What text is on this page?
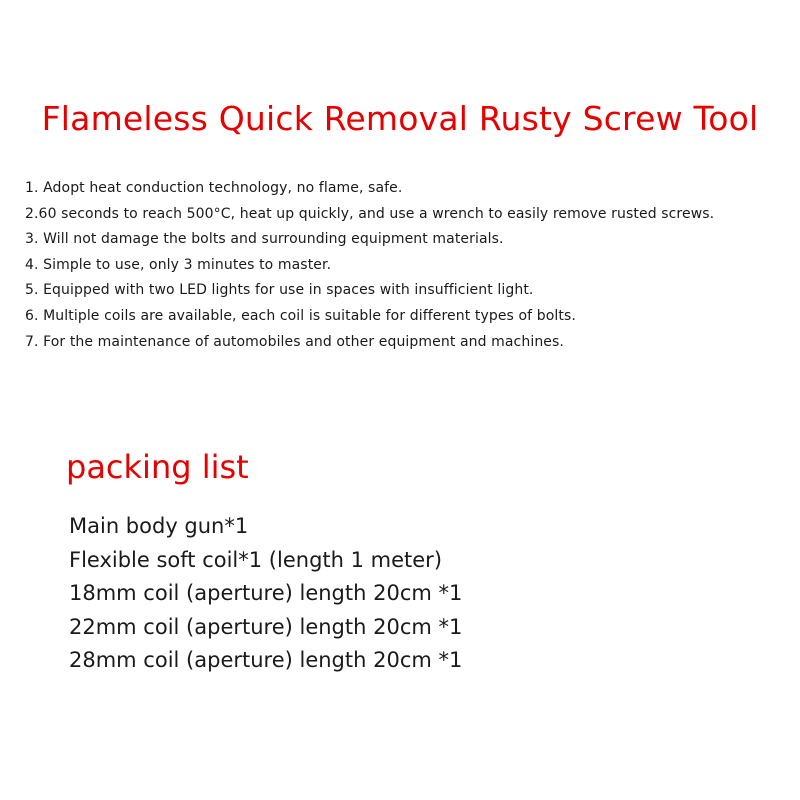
Flameless Quick Removal Rusty Screw Tool
1. Adopt heat conduction technology, no flame, safe.
2.60 seconds to reach 500°C, heat up quickly, and use a wrench to easily remove rusted screws.
3. Will not damage the bolts and surrounding equipment materials.
4. Simple to use, only 3 minutes to master.
5. Equipped with two LED lights for use in spaces with insufficient light.
6. Multiple coils are available, each coil is suitable for different types of bolts.
7. For the maintenance of automobiles and other equipment and machines.
packing list
Main body gun*1
Flexible soft coil*1 (length 1 meter)
18mm coil (aperture) length 20cm *1
22mm coil (aperture) length 20cm *1
28mm coil (aperture) length 20cm *1
